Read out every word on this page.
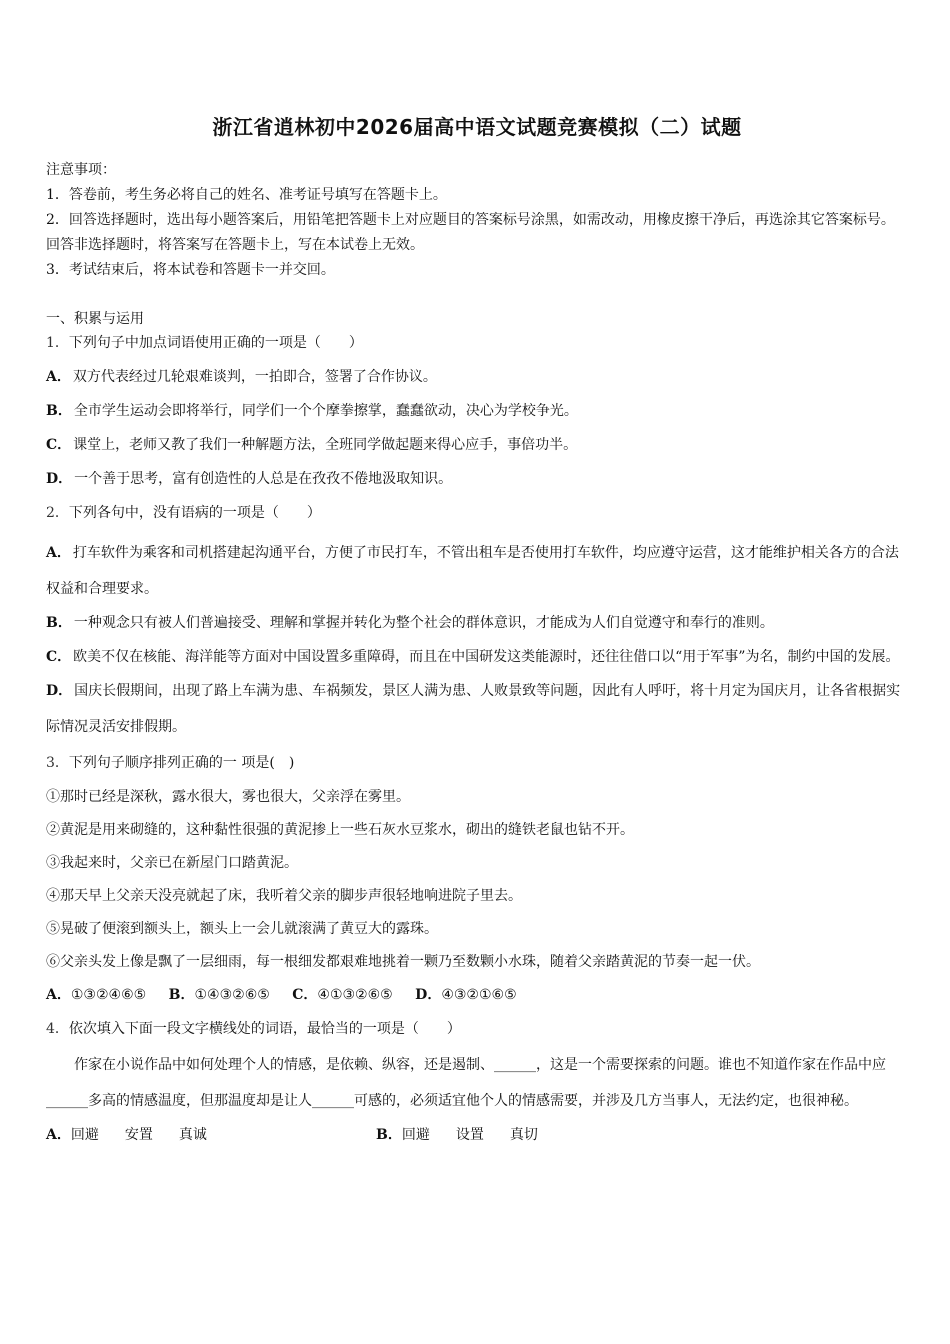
浙江省逍林初中2026届高中语文试题竞赛模拟（二）试题

注意事项：

1．答卷前，考生务必将自己的姓名、准考证号填写在答题卡上。

2．回答选择题时，选出每小题答案后，用铅笔把答题卡上对应题目的答案标号涂黑，如需改动，用橡皮擦干净后，再选涂其它答案标号。回答非选择题时，将答案写在答题卡上，写在本试卷上无效。

3．考试结束后，将本试卷和答题卡一并交回。

一、积累与运用
1．下列句子中加点词语使用正确的一项是（　　）
A． 双方代表经过几轮艰难谈判，一拍即合，签署了合作协议。
B． 全市学生运动会即将举行，同学们一个个摩拳擦掌，蠢蠢欲动，决心为学校争光。
C． 课堂上，老师又教了我们一种解题方法，全班同学做起题来得心应手，事倍功半。
D． 一个善于思考，富有创造性的人总是在孜孜不倦地汲取知识。
2．下列各句中，没有语病的一项是（　　）
A． 打车软件为乘客和司机搭建起沟通平台，方便了市民打车，不管出租车是否使用打车软件，均应遵守运营，这才能维护相关各方的合法权益和合理要求。
B． 一种观念只有被人们普遍接受、理解和掌握并转化为整个社会的群体意识，才能成为人们自觉遵守和奉行的准则。
C． 欧美不仅在核能、海洋能等方面对中国设置多重障碍，而且在中国研发这类能源时，还往往借口以“用于军事”为名，制约中国的发展。
D． 国庆长假期间，出现了路上车满为患、车祸频发，景区人满为患、人败景致等问题，因此有人呼吁，将十月定为国庆月，让各省根据实际情况灵活安排假期。
3．下列句子顺序排列正确的一 项是(　)
①那时已经是深秋，露水很大，雾也很大，父亲浮在雾里。
②黄泥是用来砌缝的，这种黏性很强的黄泥掺上一些石灰水豆浆水，砌出的缝铁老鼠也钻不开。
③我起来时，父亲已在新屋门口踏黄泥。
④那天早上父亲天没亮就起了床，我听着父亲的脚步声很轻地响进院子里去。
⑤晃破了便滚到额头上，额头上一会儿就滚满了黄豆大的露珠。
⑥父亲头发上像是飘了一层细雨，每一根细发都艰难地挑着一颗乃至数颗小水珠，随着父亲踏黄泥的节奏一起一伏。
A．①③②④⑥⑤ B．①④③②⑥⑤ C．④①③②⑥⑤ D．④③②①⑥⑤
4．依次填入下面一段文字横线处的词语，最恰当的一项是（　　）
作家在小说作品中如何处理个人的情感，是依赖、纵容，还是遏制、______，这是一个需要探索的问题。谁也不知道作家在作品中应______多高的情感温度，但那温度却是让人______可感的，必须适宜他个人的情感需要，并涉及几方当事人，无法约定，也很神秘。
A．回避 安置 真诚	B．回避 设置 真切
